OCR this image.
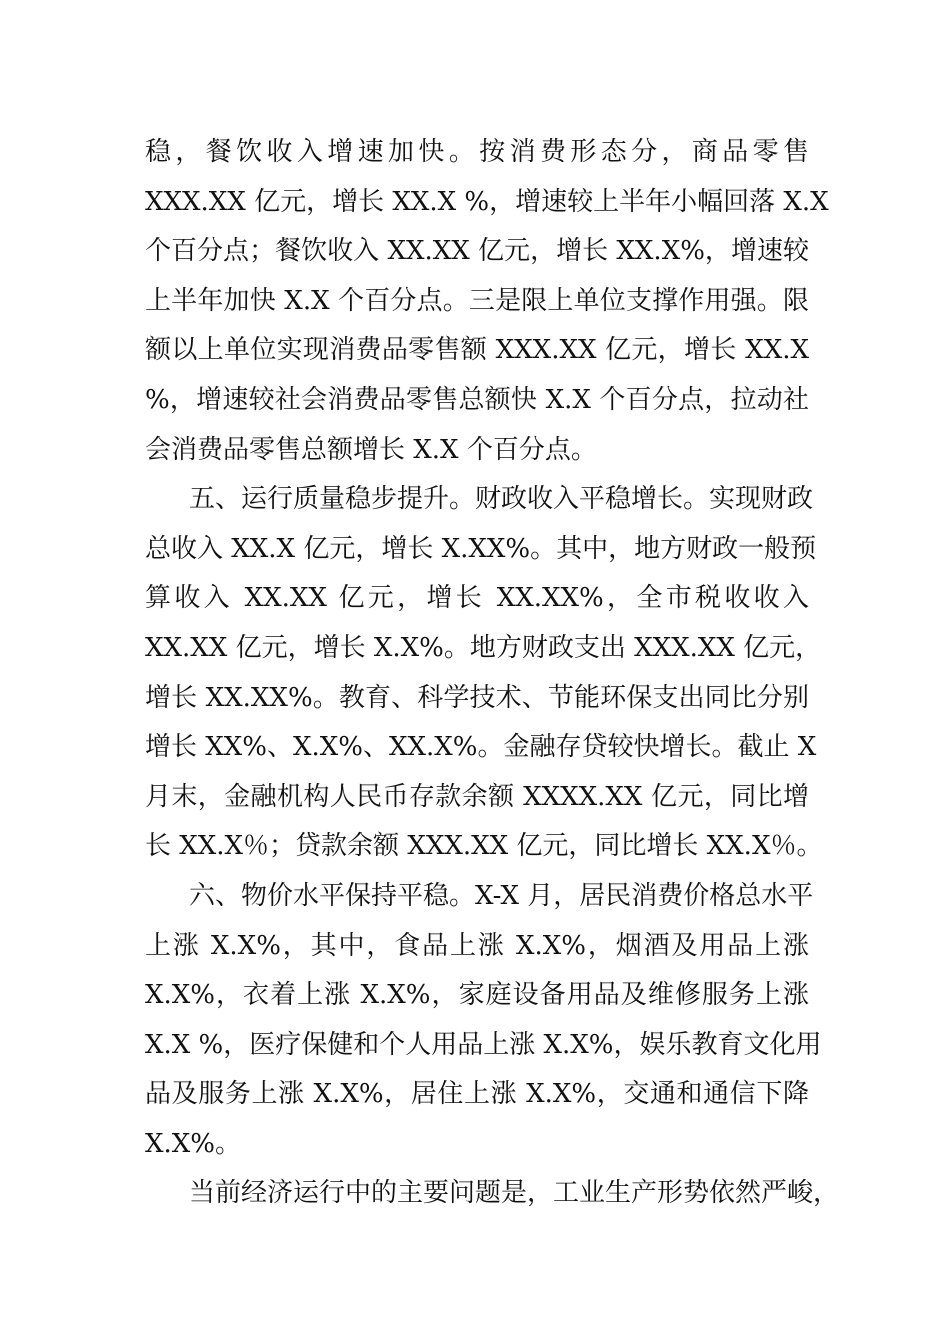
稳，餐饮收入增速加快。按消费形态分，商品零售
XXX.XX 亿元，增长 XX.X %，增速较上半年小幅回落 X.X
个百分点；餐饮收入 XX.XX 亿元，增长 XX.X%，增速较
上半年加快 X.X 个百分点。三是限上单位支撑作用强。限
额以上单位实现消费品零售额 XXX.XX 亿元，增长 XX.X
%，增速较社会消费品零售总额快 X.X 个百分点，拉动社
会消费品零售总额增长 X.X 个百分点。
五、运行质量稳步提升。财政收入平稳增长。实现财政
总收入 XX.X 亿元，增长 X.XX%。其中，地方财政一般预
算收入 XX.XX 亿元，增长 XX.XX%，全市税收收入
XX.XX 亿元，增长 X.X%。地方财政支出 XXX.XX 亿元，
增长 XX.XX%。教育、科学技术、节能环保支出同比分别
增长 XX%、X.X%、XX.X%。金融存贷较快增长。截止 X
月末，金融机构人民币存款余额 XXXX.XX 亿元，同比增
长 XX.X％；贷款余额 XXX.XX 亿元，同比增长 XX.X％。
六、物价水平保持平稳。X-X 月，居民消费价格总水平
上涨 X.X%，其中，食品上涨 X.X%，烟酒及用品上涨
X.X%，衣着上涨 X.X%，家庭设备用品及维修服务上涨
X.X %，医疗保健和个人用品上涨 X.X%，娱乐教育文化用
品及服务上涨 X.X%，居住上涨 X.X%，交通和通信下降
X.X%。
当前经济运行中的主要问题是，工业生产形势依然严峻，
